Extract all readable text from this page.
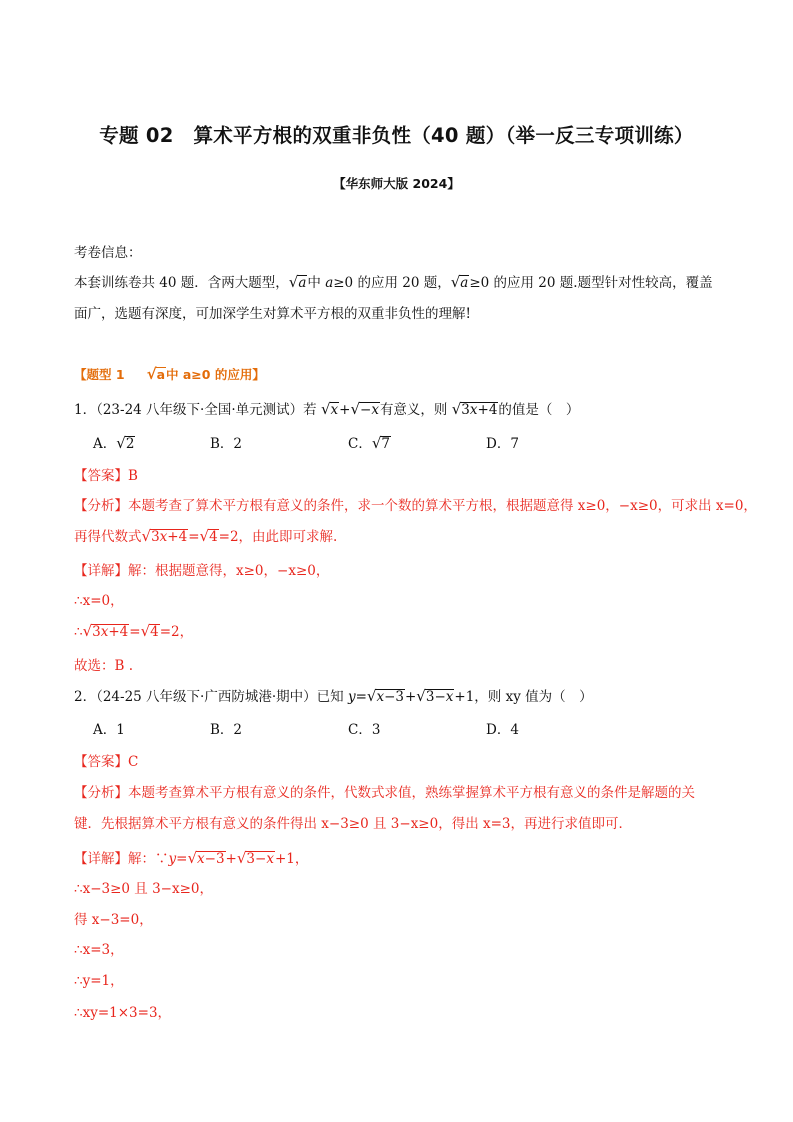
专题 02　算术平方根的双重非负性（40 题）（举一反三专项训练）
【华东师大版 2024】
考卷信息：
本套训练卷共 40 题．含两大题型，√a中 a≥0 的应用 20 题，√a≥0 的应用 20 题.题型针对性较高，覆盖
面广，选题有深度，可加深学生对算术平方根的双重非负性的理解!
【题型 1 √a中 a≥0 的应用】
1．（23-24 八年级下·全国·单元测试）若 √x+√−x有意义，则 √3x+4的值是（　）
A．√2	B．2	C．√7	D．7
【答案】B
【分析】本题考查了算术平方根有意义的条件，求一个数的算术平方根，根据题意得 x≥0，−x≥0，可求出 x=0，
再得代数式√3x+4=√4=2，由此即可求解.
【详解】解：根据题意得，x≥0，−x≥0，
∴x=0，
∴√3x+4=√4=2，
故选：B .
2．（24-25 八年级下·广西防城港·期中）已知 y=√x−3+√3−x+1，则 xy 值为（　）
A．1	B．2	C．3	D．4
【答案】C
【分析】本题考查算术平方根有意义的条件，代数式求值，熟练掌握算术平方根有意义的条件是解题的关
键．先根据算术平方根有意义的条件得出 x−3≥0 且 3−x≥0，得出 x=3，再进行求值即可．
【详解】解：∵y=√x−3+√3−x+1，
∴x−3≥0 且 3−x≥0，
得 x−3=0，
∴x=3，
∴y=1，
∴xy=1×3=3，
